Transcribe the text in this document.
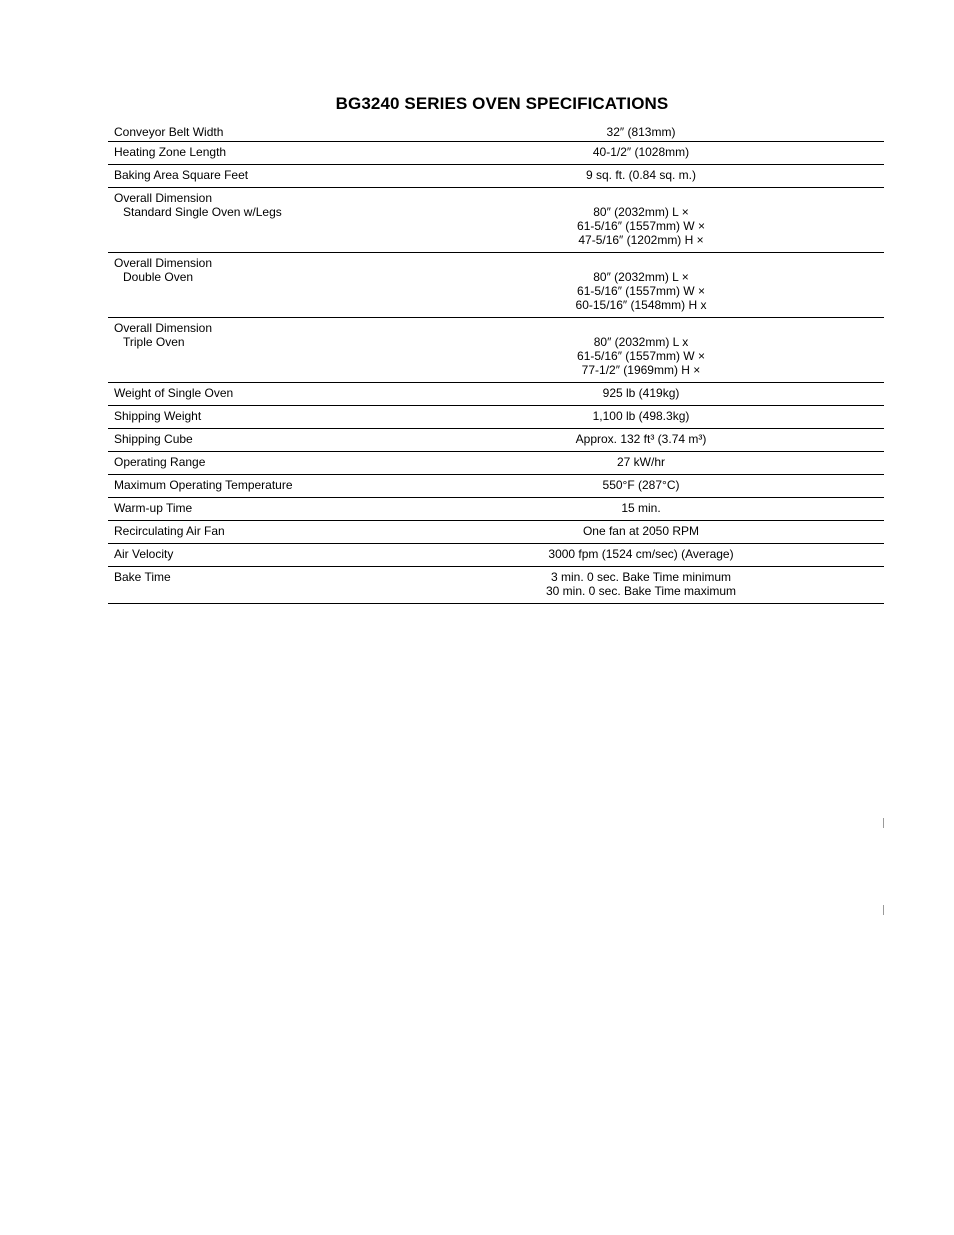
BG3240 SERIES OVEN SPECIFICATIONS
Conveyor Belt Width	32″ (813mm)
Heating Zone Length	40-1/2″ (1028mm)
Baking Area Square Feet	9 sq. ft. (0.84 sq. m.)
Overall Dimension
Standard Single Oven w/Legs	80″ (2032mm) L ×
61-5/16″ (1557mm) W ×
47-5/16″ (1202mm) H ×
Overall Dimension
Double Oven	80″ (2032mm) L ×
61-5/16″ (1557mm) W ×
60-15/16″ (1548mm) H x
Overall Dimension
Triple Oven	80″ (2032mm) L x
61-5/16″ (1557mm) W ×
77-1/2″ (1969mm) H ×
Weight of Single Oven	925 lb (419kg)
Shipping Weight	1,100 lb (498.3kg)
Shipping Cube	Approx. 132 ft³ (3.74 m³)
Operating Range	27 kW/hr
Maximum Operating Temperature	550°F (287°C)
Warm-up Time	15 min.
Recirculating Air Fan	One fan at 2050 RPM
Air Velocity	3000 fpm (1524 cm/sec) (Average)
Bake Time	3 min. 0 sec. Bake Time minimum
30 min. 0 sec. Bake Time maximum
